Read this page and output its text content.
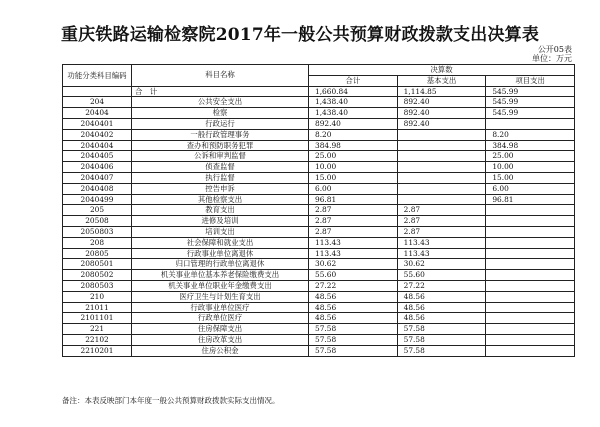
重庆铁路运输检察院2017年一般公共预算财政拨款支出决算表
公开05表
单位：万元
功能分类科目编码	科目名称	决算数		
		合计	基本支出	项目支出
	合　计	1,660.84	1,114.85	545.99
204	公共安全支出	1,438.40	892.40	545.99
20404	检察	1,438.40	892.40	545.99
2040401	行政运行	892.40	892.40	
2040402	一般行政管理事务	8.20		8.20
2040404	查办和预防职务犯罪	384.98		384.98
2040405	公诉和审判监督	25.00		25.00
2040406	侦查监督	10.00		10.00
2040407	执行监督	15.00		15.00
2040408	控告申诉	6.00		6.00
2040499	其他检察支出	96.81		96.81
205	教育支出	2.87	2.87	
20508	进修及培训	2.87	2.87	
2050803	培训支出	2.87	2.87	
208	社会保障和就业支出	113.43	113.43	
20805	行政事业单位离退休	113.43	113.43	
2080501	归口管理的行政单位离退休	30.62	30.62	
2080502	机关事业单位基本养老保险缴费支出	55.60	55.60	
2080503	机关事业单位职业年金缴费支出	27.22	27.22	
210	医疗卫生与计划生育支出	48.56	48.56	
21011	行政事业单位医疗	48.56	48.56	
2101101	行政单位医疗	48.56	48.56	
221	住房保障支出	57.58	57.58	
22102	住房改革支出	57.58	57.58	
2210201	住房公积金	57.58	57.58	
备注：本表反映部门本年度一般公共预算财政拨款实际支出情况。
